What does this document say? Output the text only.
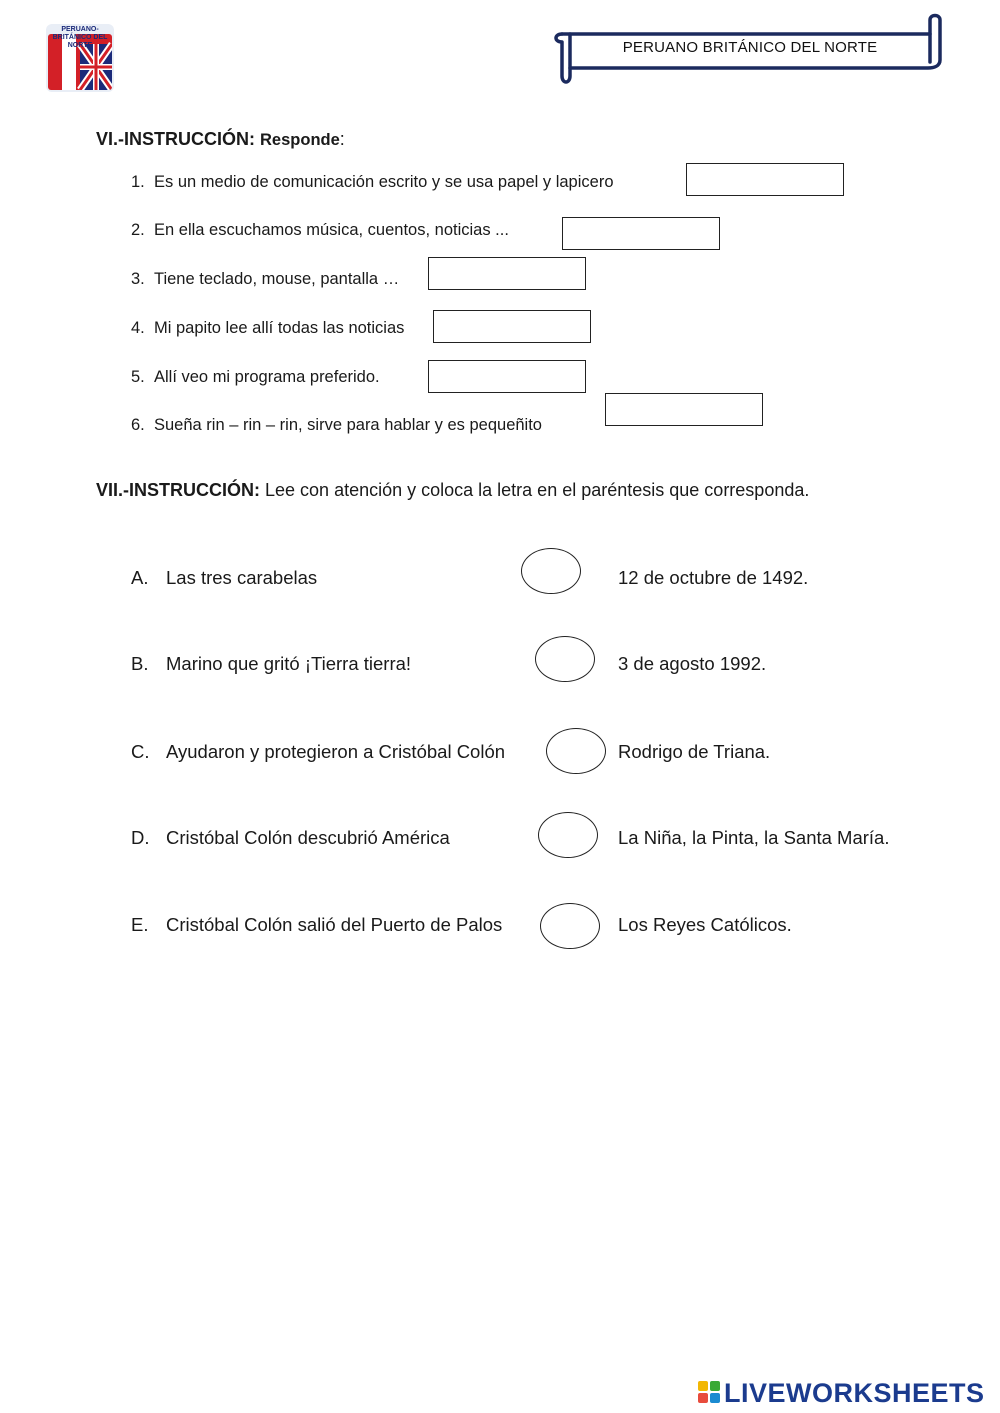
PERUANO-BRITÁNICO DEL NORTE	PERUANO BRITÁNICO DEL NORTE
VI.-INSTRUCCIÓN: Responde:
1. Es un medio de comunicación escrito y se usa papel y lapicero
2. En ella escuchamos música, cuentos, noticias ...
3. Tiene teclado, mouse, pantalla …
4. Mi papito lee allí todas las noticias
5. Allí veo mi programa preferido.
6. Sueña rin – rin – rin, sirve para hablar y es pequeñito
VII.-INSTRUCCIÓN: Lee con atención y coloca la letra en el paréntesis que corresponda.
A. Las tres carabelas	12 de octubre de 1492.
B. Marino que gritó ¡Tierra tierra!	3 de agosto 1992.
C. Ayudaron y protegieron a Cristóbal Colón	Rodrigo de Triana.
D. Cristóbal Colón descubrió América	La Niña, la Pinta, la Santa María.
E. Cristóbal Colón salió del Puerto de Palos	Los Reyes Católicos.
LIVEWORKSHEETS
